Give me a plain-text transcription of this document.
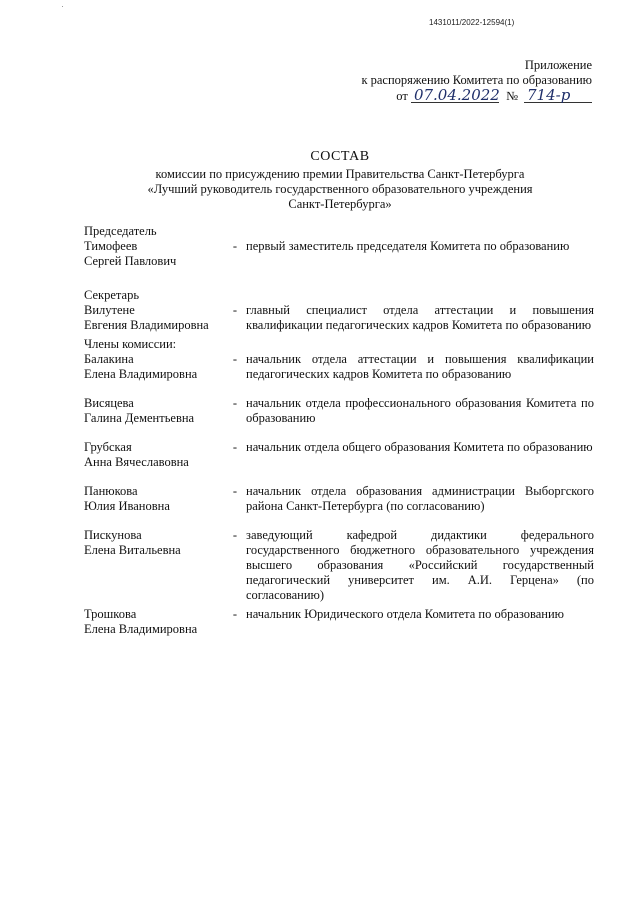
1431011/2022-12594(1)
Приложение
к распоряжению Комитета по образованию
от 07.04.2022 № 714-р
СОСТАВ
комиссии по присуждению премии Правительства Санкт-Петербурга
«Лучший руководитель государственного образовательного учреждения
Санкт-Петербурга»
Председатель
Тимофеев
Сергей Павлович
- первый заместитель председателя Комитета по образованию
Секретарь
Вилутене
Евгения Владимировна
- главный специалист отдела аттестации и повышения квалификации педагогических кадров Комитета по образованию
Члены комиссии:
Балакина
Елена Владимировна
- начальник отдела аттестации и повышения квалификации педагогических кадров Комитета по образованию
Висяцева
Галина Дементьевна
- начальник отдела профессионального образования Комитета по образованию
Грубская
Анна Вячеславовна
- начальник отдела общего образования Комитета по образованию
Панюкова
Юлия Ивановна
- начальник отдела образования администрации Выборгского района Санкт-Петербурга (по согласованию)
Пискунова
Елена Витальевна
- заведующий кафедрой дидактики федерального государственного бюджетного образовательного учреждения высшего образования «Российский государственный педагогический университет им. А.И. Герцена» (по согласованию)
Трошкова
Елена Владимировна
- начальник Юридического отдела Комитета по образованию
